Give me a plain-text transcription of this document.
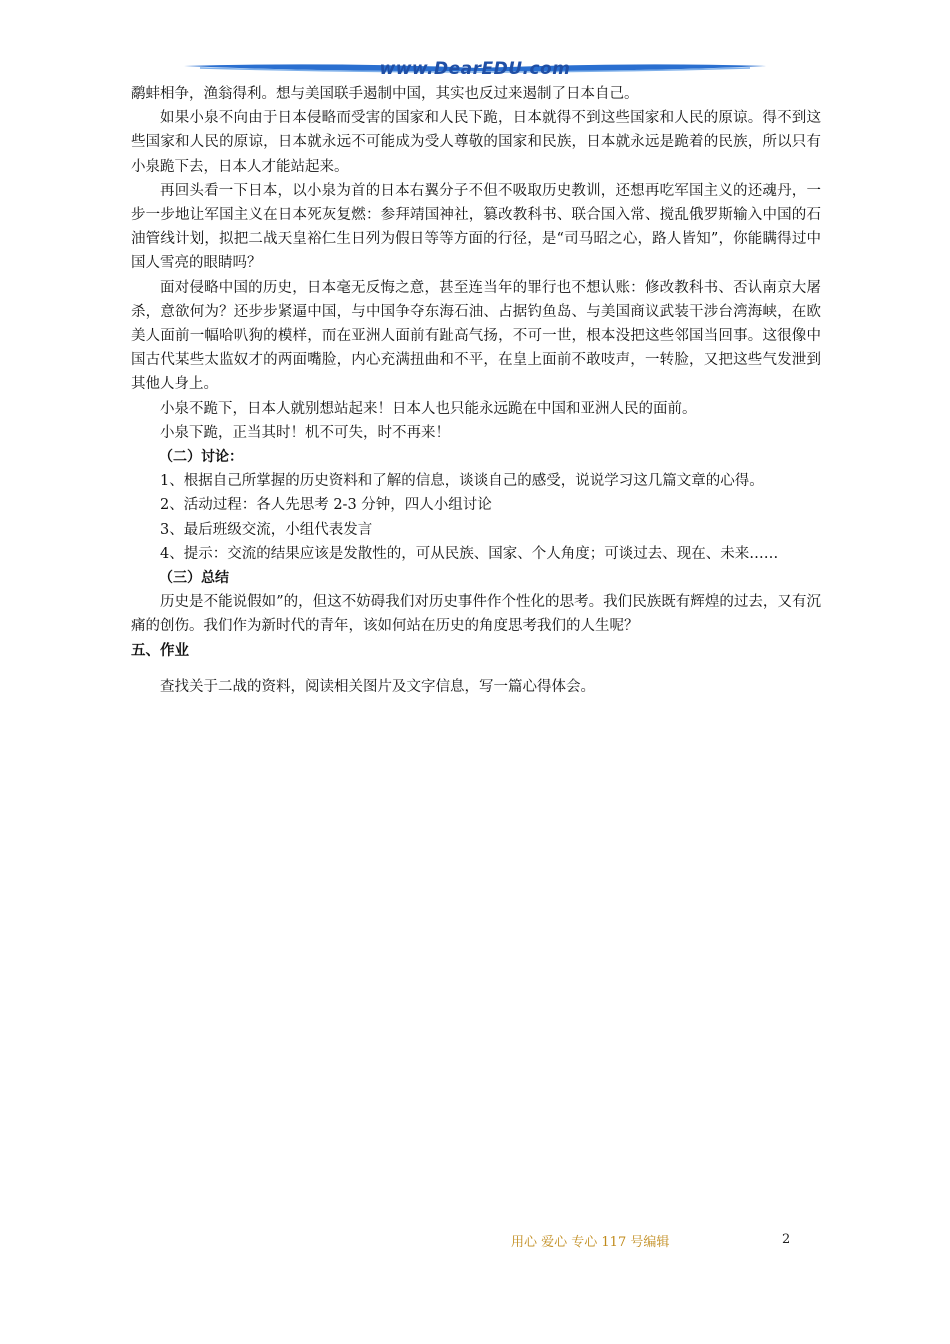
www.DearEDU.com

鹬蚌相争，渔翁得利。想与美国联手遏制中国，其实也反过来遏制了日本自己。

如果小泉不向由于日本侵略而受害的国家和人民下跪，日本就得不到这些国家和人民的原谅。得不到这些国家和人民的原谅，日本就永远不可能成为受人尊敬的国家和民族，日本就永远是跪着的民族，所以只有小泉跪下去，日本人才能站起来。

再回头看一下日本，以小泉为首的日本右翼分子不但不吸取历史教训，还想再吃军国主义的还魂丹，一步一步地让军国主义在日本死灰复燃：参拜靖国神社，篡改教科书、联合国入常、搅乱俄罗斯输入中国的石油管线计划，拟把二战天皇裕仁生日列为假日等等方面的行径，是“司马昭之心，路人皆知”，你能瞒得过中国人雪亮的眼睛吗？

面对侵略中国的历史，日本毫无反悔之意，甚至连当年的罪行也不想认账：修改教科书、否认南京大屠杀，意欲何为？还步步紧逼中国，与中国争夺东海石油、占据钓鱼岛、与美国商议武装干涉台湾海峡，在欧美人面前一幅哈叭狗的模样，而在亚洲人面前有趾高气扬，不可一世，根本没把这些邻国当回事。这很像中国古代某些太监奴才的两面嘴脸，内心充满扭曲和不平，在皇上面前不敢吱声，一转脸，又把这些气发泄到其他人身上。

小泉不跪下，日本人就别想站起来！日本人也只能永远跪在中国和亚洲人民的面前。

小泉下跪，正当其时！机不可失，时不再来！

（二）讨论：

1、根据自己所掌握的历史资料和了解的信息，谈谈自己的感受，说说学习这几篇文章的心得。

2、活动过程：各人先思考 2-3 分钟，四人小组讨论

3、最后班级交流，小组代表发言

4、提示：交流的结果应该是发散性的，可从民族、国家、个人角度；可谈过去、现在、未来……

（三）总结

历史是不能说假如”的，但这不妨碍我们对历史事件作个性化的思考。我们民族既有辉煌的过去，又有沉痛的创伤。我们作为新时代的青年，该如何站在历史的角度思考我们的人生呢？

五、作业

查找关于二战的资料，阅读相关图片及文字信息，写一篇心得体会。

用心 爱心 专心 117 号编辑	2
